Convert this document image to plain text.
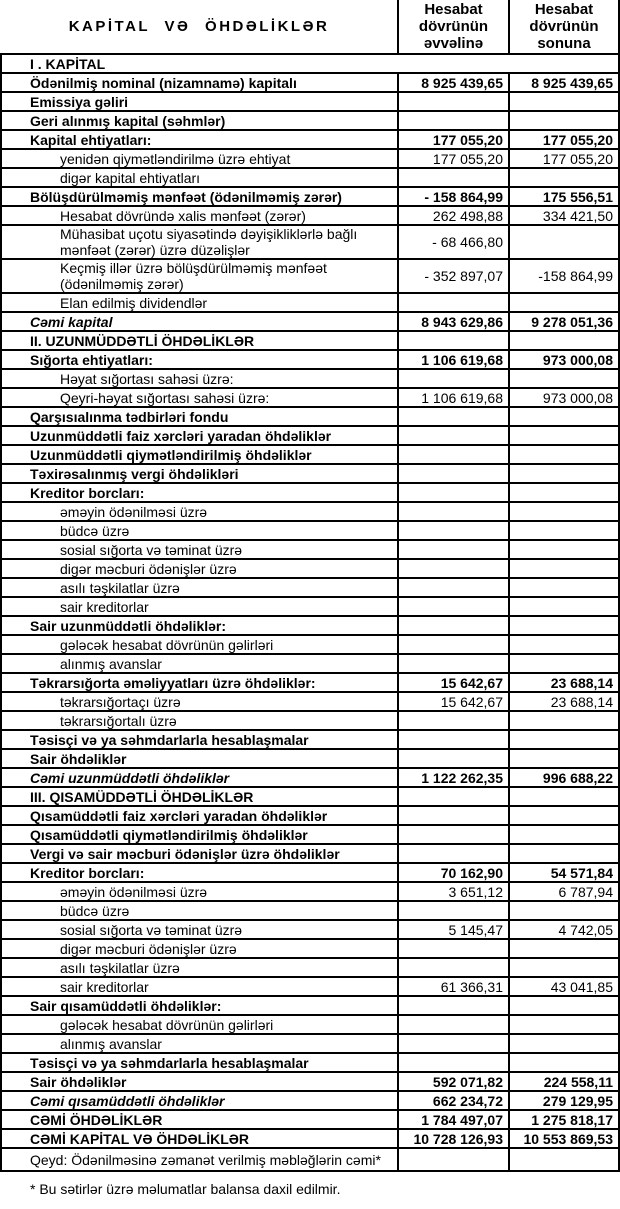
KAPİTAL VƏ ÖHDƏLİKLƏR	Hesabat dövrünün əvvəlinə	Hesabat dövrünün sonuna
I . KAPİTAL		
Ödənilmiş nominal (nizamnamə) kapitalı	8 925 439,65	8 925 439,65
Emissiya gəliri		
Geri alınmış kapital (səhmlər)		
Kapital ehtiyatları:	177 055,20	177 055,20
yenidən qiymətləndirilmə üzrə ehtiyat	177 055,20	177 055,20
digər kapital ehtiyatları		
Bölüşdürülməmiş mənfəət (ödənilməmiş zərər)	- 158 864,99	175 556,51
Hesabat dövründə xalis mənfəət (zərər)	262 498,88	334 421,50
Mühasibat uçotu siyasətində dəyişikliklərlə bağlı mənfəət (zərər) üzrə düzəlişlər	- 68 466,80	
Keçmiş illər üzrə bölüşdürülməmiş mənfəət (ödənilməmiş zərər)	- 352 897,07	-158 864,99
Elan edilmiş dividendlər		
Cəmi kapital	8 943 629,86	9 278 051,36
II. UZUNMÜDDƏTLİ ÖHDƏLİKLƏR		
Sığorta ehtiyatları:	1 106 619,68	973 000,08
Həyat sığortası sahəsi üzrə:		
Qeyri-həyat sığortası sahəsi üzrə:	1 106 619,68	973 000,08
Qarşısıalınma tədbirləri fondu		
Uzunmüddətli faiz xərcləri yaradan öhdəliklər		
Uzunmüddətli qiymətləndirilmiş öhdəliklər		
Təxirəsalınmış vergi öhdəlikləri		
Kreditor borcları:		
əməyin ödənilməsi üzrə		
büdcə üzrə		
sosial sığorta və təminat üzrə		
digər məcburi ödənişlər üzrə		
asılı təşkilatlar üzrə		
sair kreditorlar		
Sair uzunmüddətli öhdəliklər:		
gələcək hesabat dövrünün gəlirləri		
alınmış avanslar		
Təkrarsığorta əməliyyatları üzrə öhdəliklər:	15 642,67	23 688,14
təkrarsığortaçı üzrə	15 642,67	23 688,14
təkrarsığortalı üzrə		
Təsisçi və ya səhmdarlarla hesablaşmalar		
Sair öhdəliklər		
Cəmi uzunmüddətli öhdəliklər	1 122 262,35	996 688,22
III. QISAMÜDDƏTLİ ÖHDƏLİKLƏR		
Qısamüddətli faiz xərcləri yaradan öhdəliklər		
Qısamüddətli qiymətləndirilmiş öhdəliklər		
Vergi və sair məcburi ödənişlər üzrə öhdəliklər		
Kreditor borcları:	70 162,90	54 571,84
əməyin ödənilməsi üzrə	3 651,12	6 787,94
büdcə üzrə		
sosial sığorta və təminat üzrə	5 145,47	4 742,05
digər məcburi ödənişlər üzrə		
asılı təşkilatlar üzrə		
sair kreditorlar	61 366,31	43 041,85
Sair qısamüddətli öhdəliklər:		
gələcək hesabat dövrünün gəlirləri		
alınmış avanslar		
Təsisçi və ya səhmdarlarla hesablaşmalar		
Sair öhdəliklər	592 071,82	224 558,11
Cəmi qısamüddətli öhdəliklər	662 234,72	279 129,95
CƏMİ ÖHDƏLİKLƏR	1 784 497,07	1 275 818,17
CƏMİ KAPİTAL VƏ ÖHDƏLİKLƏR	10 728 126,93	10 553 869,53
Qeyd: Ödənilməsinə zəmanət verilmiş məbləğlərin cəmi*		
* Bu sətirlər üzrə məlumatlar balansa daxil edilmir.
